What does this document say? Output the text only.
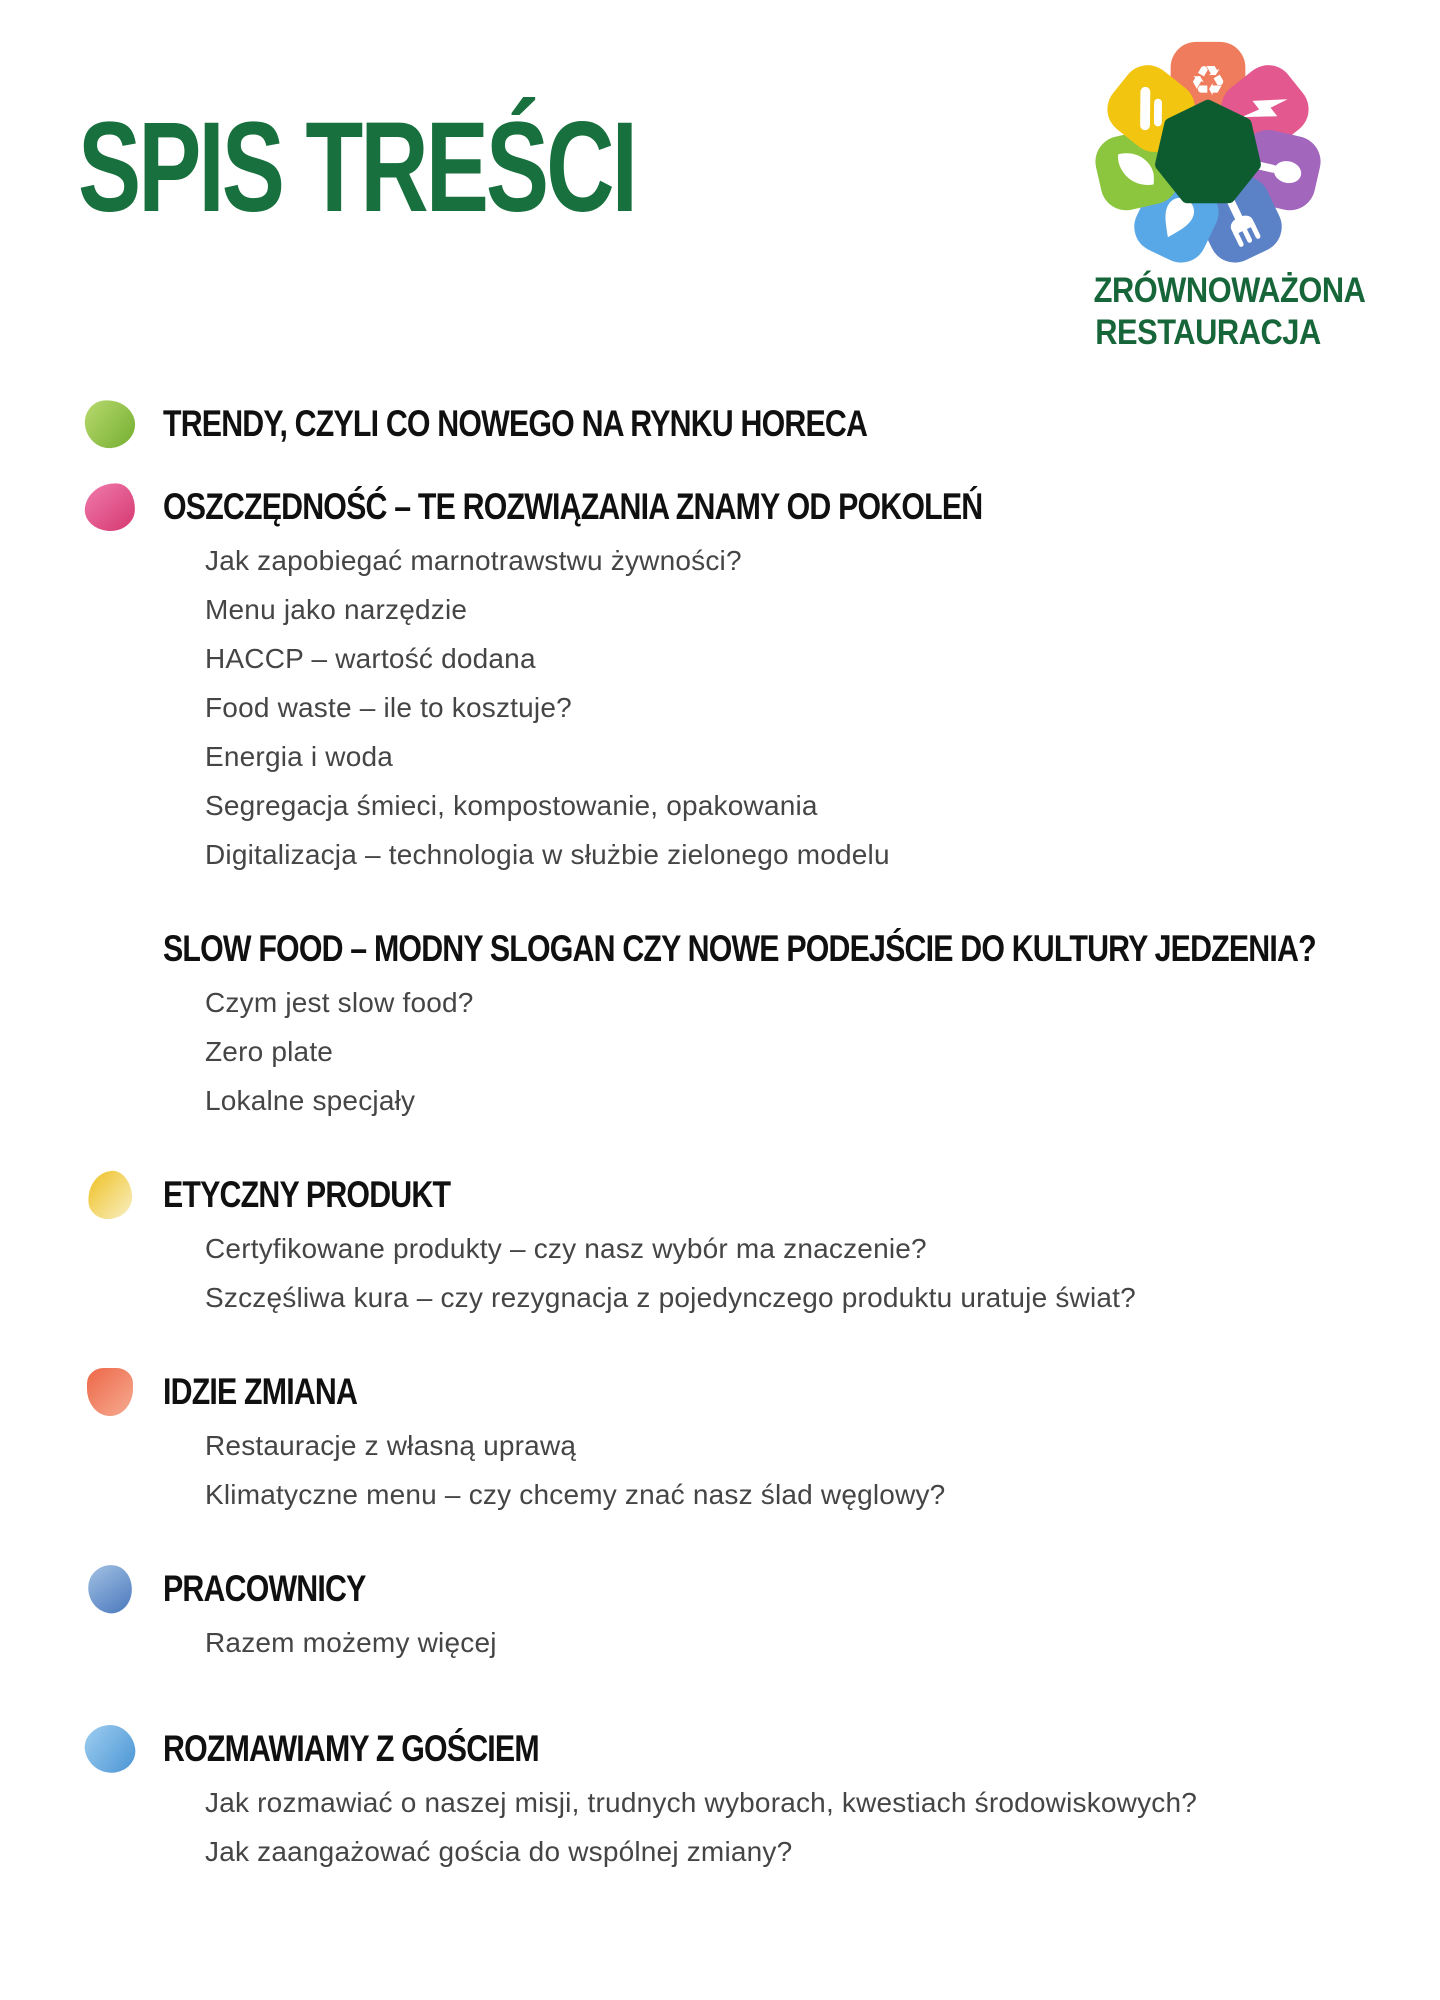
SPIS TREŚCI
♻
ZRÓWNOWAŻONA
RESTAURACJA
TRENDY, CZYLI CO NOWEGO NA RYNKU HORECA
OSZCZĘDNOŚĆ – TE ROZWIĄZANIA ZNAMY OD POKOLEŃ
Jak zapobiegać marnotrawstwu żywności?
Menu jako narzędzie
HACCP – wartość dodana
Food waste – ile to kosztuje?
Energia i woda
Segregacja śmieci, kompostowanie, opakowania
Digitalizacja – technologia w służbie zielonego modelu
SLOW FOOD – MODNY SLOGAN CZY NOWE PODEJŚCIE DO KULTURY JEDZENIA?
Czym jest slow food?
Zero plate
Lokalne specjały
ETYCZNY PRODUKT
Certyfikowane produkty – czy nasz wybór ma znaczenie?
Szczęśliwa kura – czy rezygnacja z pojedynczego produktu uratuje świat?
IDZIE ZMIANA
Restauracje z własną uprawą
Klimatyczne menu – czy chcemy znać nasz ślad węglowy?
PRACOWNICY
Razem możemy więcej
ROZMAWIAMY Z GOŚCIEM
Jak rozmawiać o naszej misji, trudnych wyborach, kwestiach środowiskowych?
Jak zaangażować gościa do wspólnej zmiany?
